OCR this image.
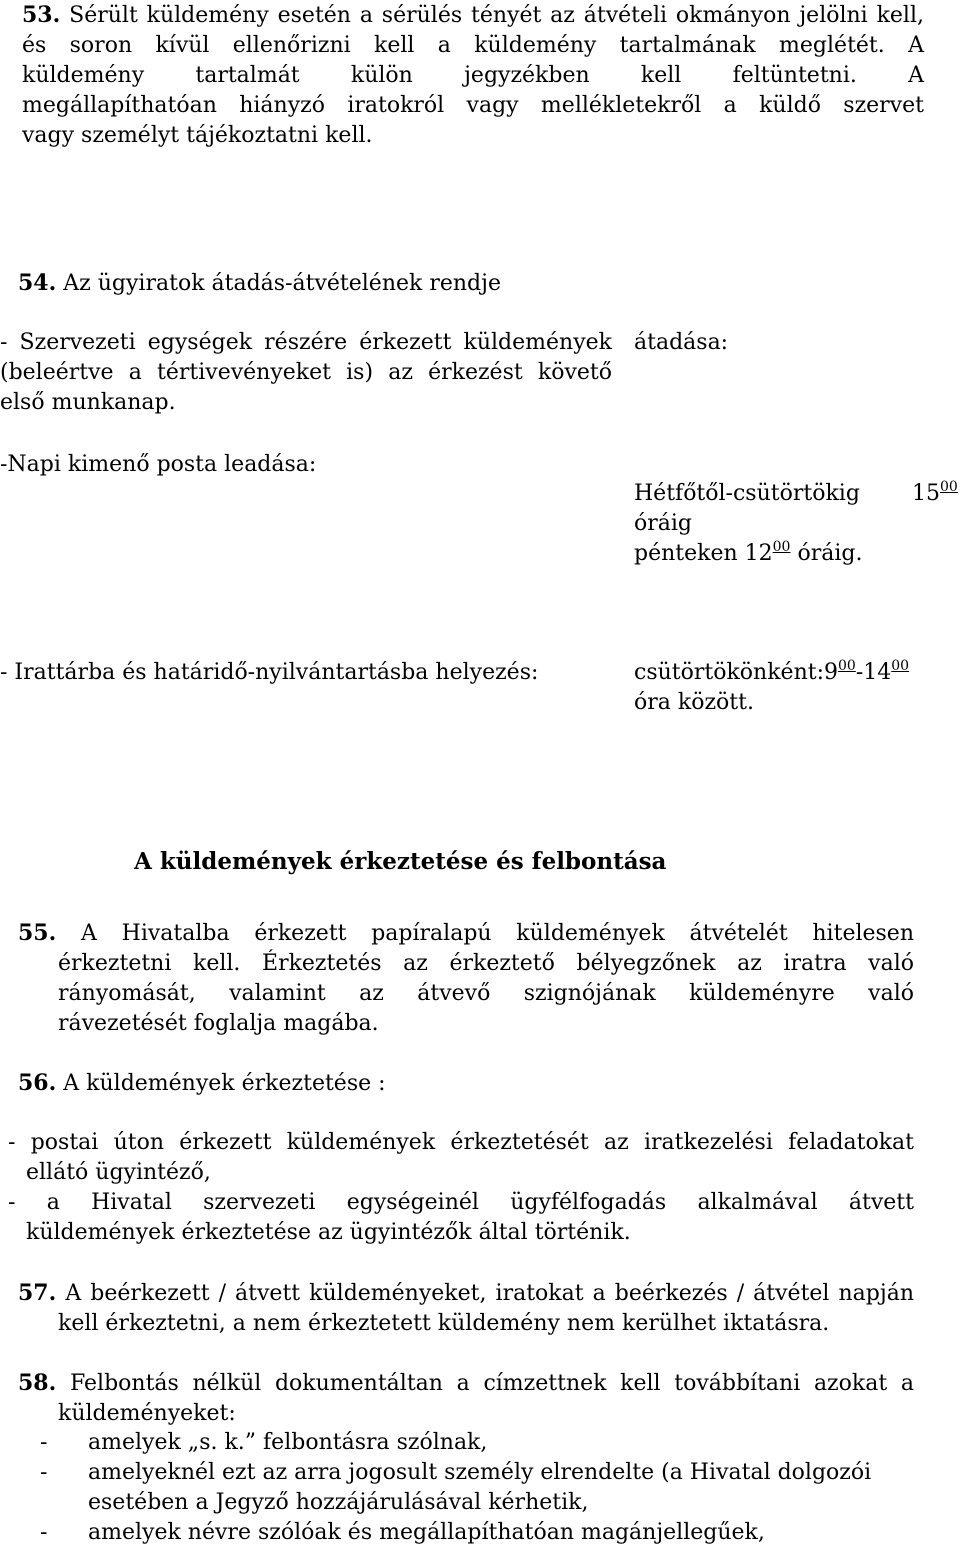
53. Sérült küldemény esetén a sérülés tényét az átvételi okmányon jelölni kell,
és soron kívül ellenőrizni kell a küldemény tartalmának meglétét. A
küldemény tartalmát külön jegyzékben kell feltüntetni. A
megállapíthatóan hiányzó iratokról vagy mellékletekről a küldő szervet
vagy személyt tájékoztatni kell.
54. Az ügyiratok átadás-átvételének rendje
- Szervezeti egységek részére érkezett küldemények
(beleértve a tértivevényeket is) az érkezést követő
első munkanap.
átadása:
-Napi kimenő posta leadása:
Hétfőtől-csütörtökig $15^{00}$
óráig
pénteken $12^{00}$ óráig.
- Irattárba és határidő-nyilvántartásba helyezés:	$csütörtökönként:9^{00}-14^{00}$
óra között.
A küldemények érkeztetése és felbontása
55. A Hivatalba érkezett papíralapú küldemények átvételét hitelesen
érkeztetni kell. Érkeztetés az érkeztető bélyegzőnek az iratra való
rányomását, valamint az átvevő szignójának küldeményre való
rávezetését foglalja magába.
56. A küldemények érkeztetése :
- postai úton érkezett küldemények érkeztetését az iratkezelési feladatokat
ellátó ügyintéző,
- a Hivatal szervezeti egységeinél ügyfélfogadás alkalmával átvett
küldemények érkeztetése az ügyintézők által történik.
57. A beérkezett / átvett küldeményeket, iratokat a beérkezés / átvétel napján
kell érkeztetni, a nem érkeztetett küldemény nem kerülhet iktatásra.
58. Felbontás nélkül dokumentáltan a címzettnek kell továbbítani azokat a
küldeményeket:
- amelyek „s. k.” felbontásra szólnak,
- amelyeknél ezt az arra jogosult személy elrendelte (a Hivatal dolgozói
esetében a Jegyző hozzájárulásával kérhetik,
- amelyek névre szólóak és megállapíthatóan magánjellegűek,
